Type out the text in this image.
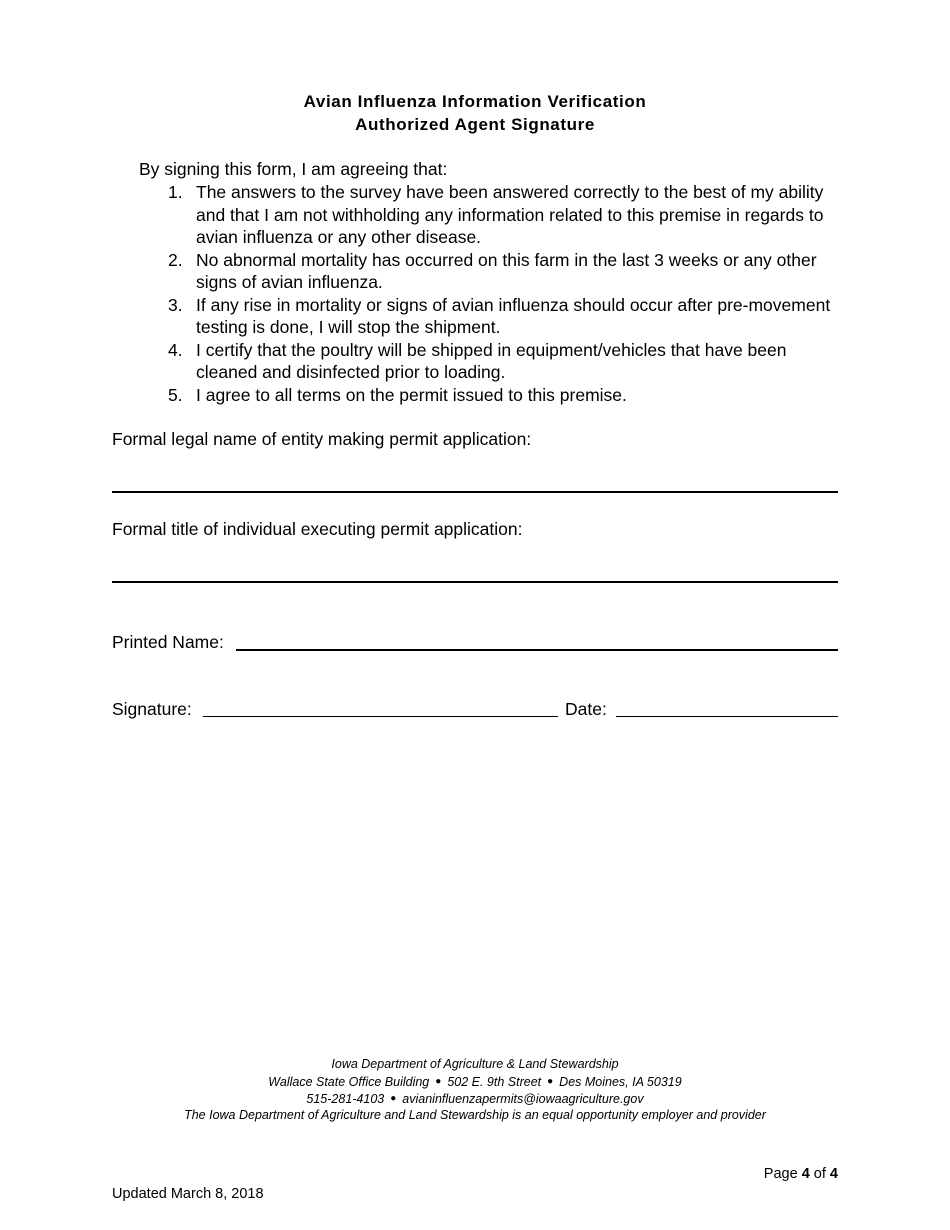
Avian Influenza Information Verification
Authorized Agent Signature
By signing this form, I am agreeing that:
1. The answers to the survey have been answered correctly to the best of my ability and that I am not withholding any information related to this premise in regards to avian influenza or any other disease.
2. No abnormal mortality has occurred on this farm in the last 3 weeks or any other signs of avian influenza.
3. If any rise in mortality or signs of avian influenza should occur after pre-movement testing is done, I will stop the shipment.
4. I certify that the poultry will be shipped in equipment/vehicles that have been cleaned and disinfected prior to loading.
5. I agree to all terms on the permit issued to this premise.
Formal legal name of entity making permit application:
Formal title of individual executing permit application:
Printed Name:
Signature:	Date:
Iowa Department of Agriculture & Land Stewardship
Wallace State Office Building ● 502 E. 9th Street ● Des Moines, IA 50319
515-281-4103 ● avianinfluenzapermits@iowaagriculture.gov
The Iowa Department of Agriculture and Land Stewardship is an equal opportunity employer and provider
Page 4 of 4
Updated March 8, 2018
